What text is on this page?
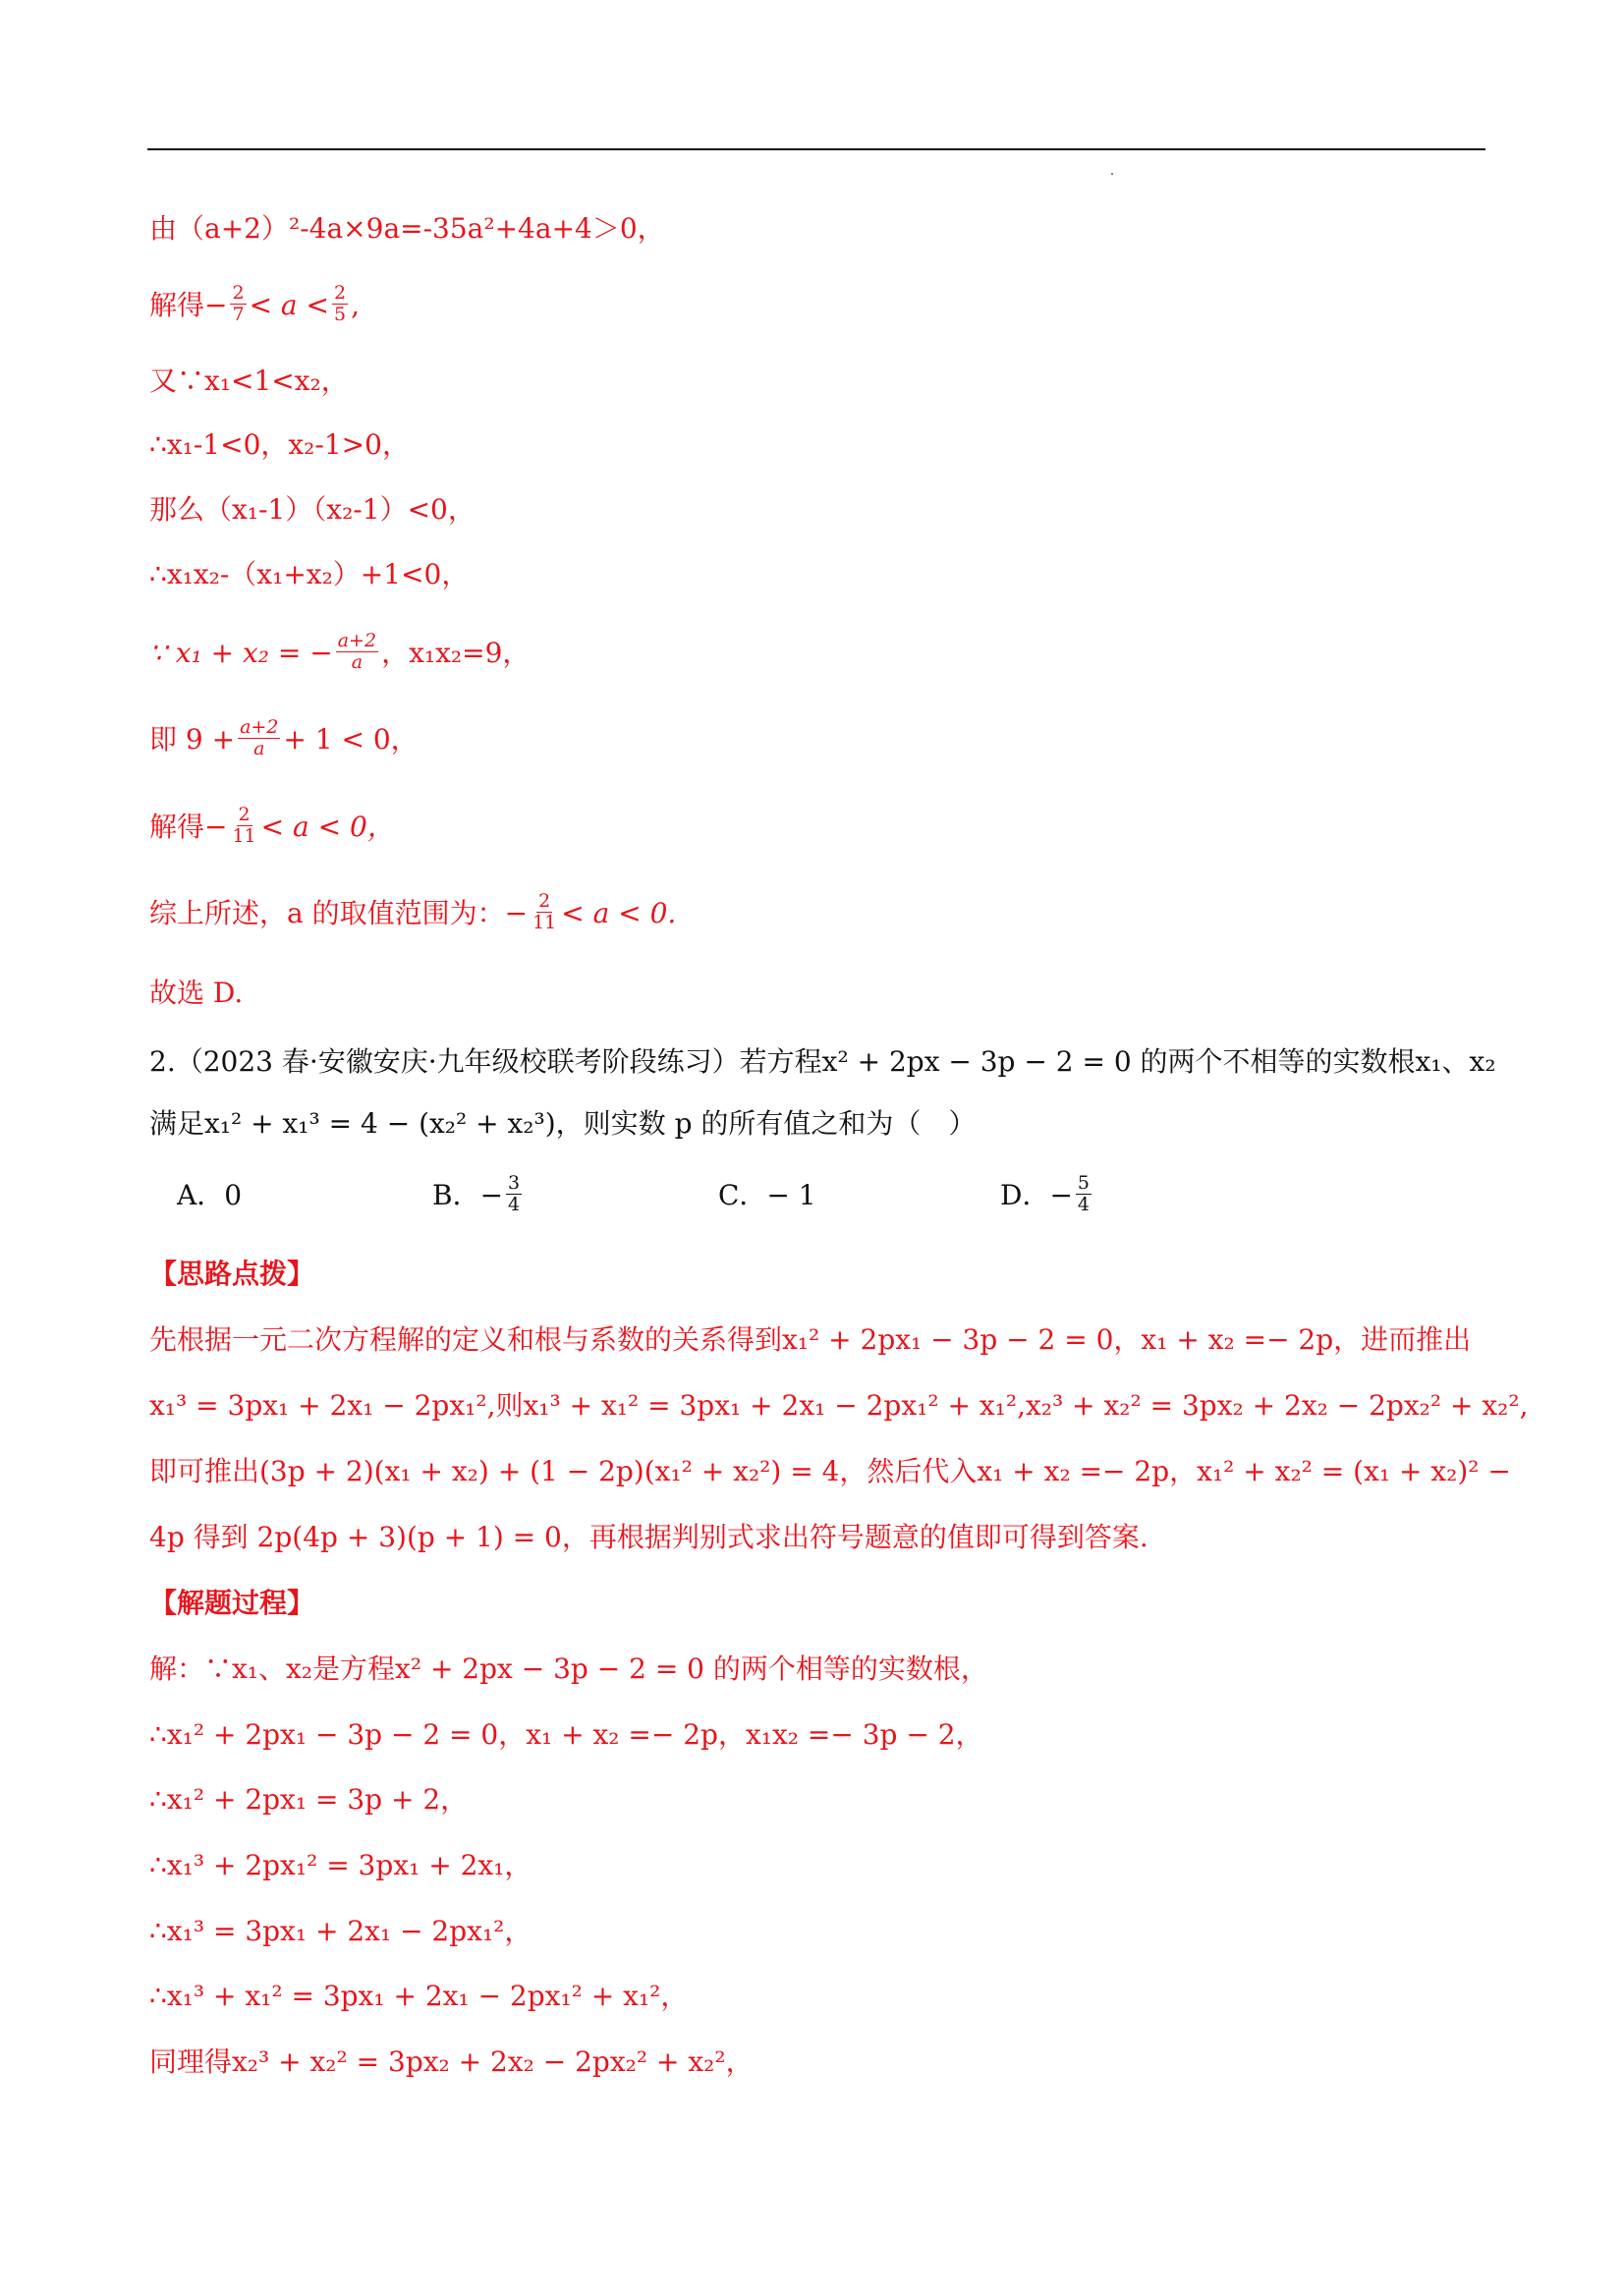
由（a+2）²-4a×9a=-35a²+4a+4＞0，
解得− $\frac{2}{7} < a < \frac{2}{5}$ ,
又∵x₁<1<x₂，
∴x₁-1<0，x₂-1>0，
那么（x₁-1）（x₂-1）<0，
∴x₁x₂-（x₁+x₂）+1<0，
∵ x₁ + x₂ = − $\frac{a+2}{a}$ ，x₁x₂=9，
即 $9 + \frac{a+2}{a} + 1 < 0$，
解得− $\frac{2}{11} < a < 0$，
综上所述，a 的取值范围为：− $\frac{2}{11} < a < 0$.
故选 D.
2.（2023 春·安徽安庆·九年级校联考阶段练习）若方程x² + 2px − 3p − 2 = 0 的两个不相等的实数根x₁、x₂
满足x₁² + x₁³ = 4 − (x₂² + x₂³)，则实数 p 的所有值之和为（　）
A．0	B．− $\frac{3}{4}$	C．− 1	D．− $\frac{5}{4}$
【思路点拨】
先根据一元二次方程解的定义和根与系数的关系得到x₁² + 2px₁ − 3p − 2 = 0，x₁ + x₂ =− 2p，进而推出
x₁³ = 3px₁ + 2x₁ − 2px₁²,则x₁³ + x₁² = 3px₁ + 2x₁ − 2px₁² + x₁²,x₂³ + x₂² = 3px₂ + 2x₂ − 2px₂² + x₂²,
即可推出(3p + 2)(x₁ + x₂) + (1 − 2p)(x₁² + x₂²) = 4，然后代入x₁ + x₂ =− 2p，x₁² + x₂² = (x₁ + x₂)² −
4p 得到 2p(4p + 3)(p + 1) = 0，再根据判别式求出符号题意的值即可得到答案.
【解题过程】
解：∵x₁、x₂是方程x² + 2px − 3p − 2 = 0 的两个相等的实数根，
∴x₁² + 2px₁ − 3p − 2 = 0，x₁ + x₂ =− 2p，x₁x₂ =− 3p − 2，
∴x₁² + 2px₁ = 3p + 2，
∴x₁³ + 2px₁² = 3px₁ + 2x₁，
∴x₁³ = 3px₁ + 2x₁ − 2px₁²，
∴x₁³ + x₁² = 3px₁ + 2x₁ − 2px₁² + x₁²，
同理得x₂³ + x₂² = 3px₂ + 2x₂ − 2px₂² + x₂²，
